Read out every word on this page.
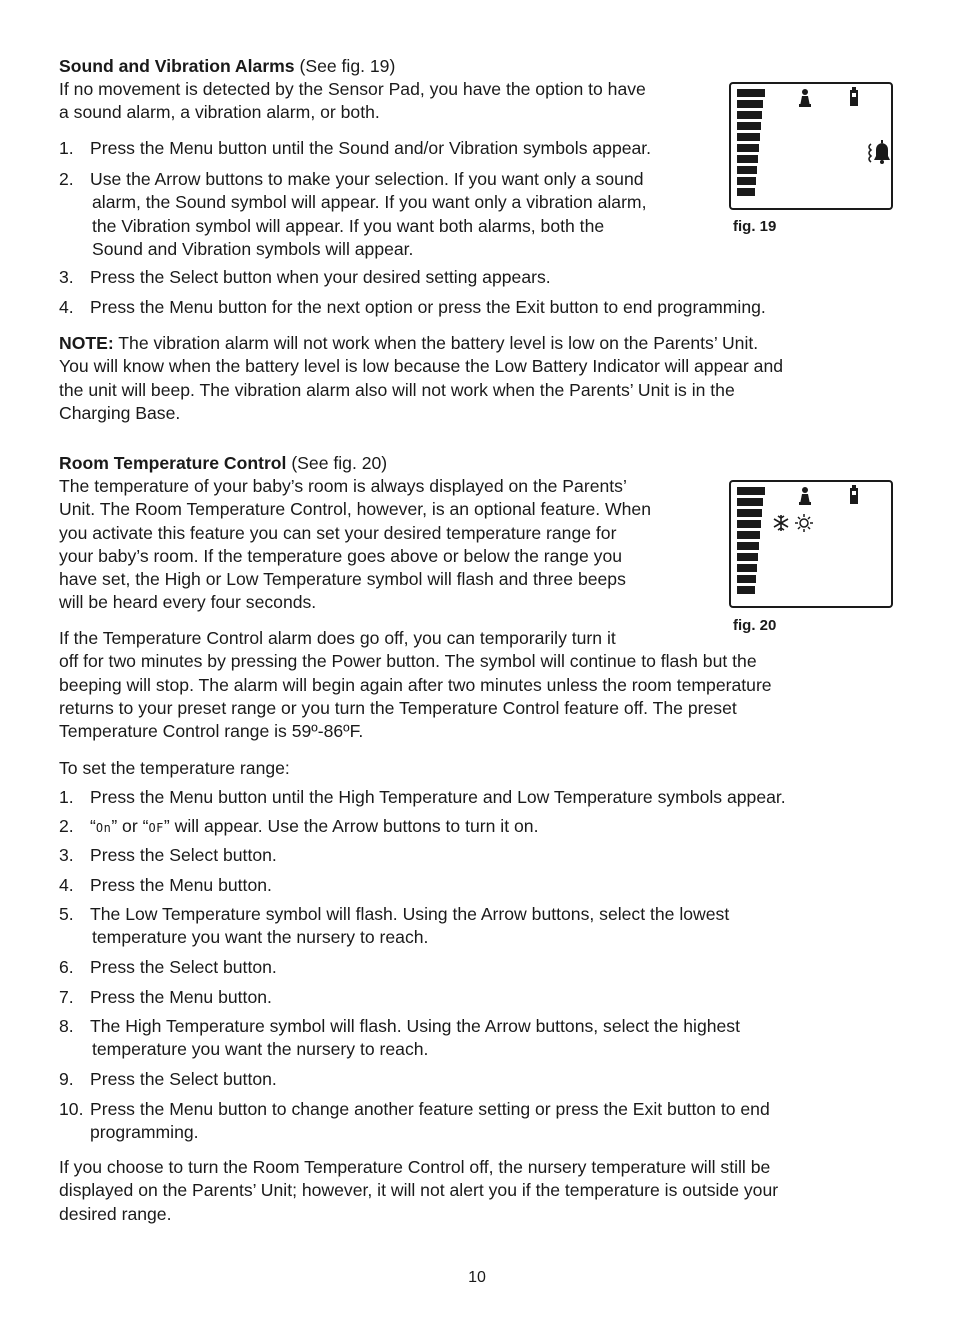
Sound and Vibration Alarms (See fig. 19)
If no movement is detected by the Sensor Pad, you have the option to have
a sound alarm, a vibration alarm, or both.
1. Press the Menu button until the Sound and/or Vibration symbols appear.
2. Use the Arrow buttons to make your selection. If you want only a sound
alarm, the Sound symbol will appear. If you want only a vibration alarm,
the Vibration symbol will appear. If you want both alarms, both the
Sound and Vibration symbols will appear.
3. Press the Select button when your desired setting appears.
4. Press the Menu button for the next option or press the Exit button to end programming.
NOTE: The vibration alarm will not work when the battery level is low on the Parents’ Unit.
You will know when the battery level is low because the Low Battery Indicator will appear and
the unit will beep. The vibration alarm also will not work when the Parents’ Unit is in the
Charging Base.
fig. 19
Room Temperature Control (See fig. 20)
The temperature of your baby’s room is always displayed on the Parents’
Unit. The Room Temperature Control, however, is an optional feature. When
you activate this feature you can set your desired temperature range for
your baby’s room. If the temperature goes above or below the range you
have set, the High or Low Temperature symbol will flash and three beeps
will be heard every four seconds.
If the Temperature Control alarm does go off, you can temporarily turn it
off for two minutes by pressing the Power button. The symbol will continue to flash but the
beeping will stop. The alarm will begin again after two minutes unless the room temperature
returns to your preset range or you turn the Temperature Control feature off. The preset
Temperature Control range is 59º-86ºF.
To set the temperature range:
1. Press the Menu button until the High Temperature and Low Temperature symbols appear.
2. “On” or “OF” will appear. Use the Arrow buttons to turn it on.
3. Press the Select button.
4. Press the Menu button.
5. The Low Temperature symbol will flash. Using the Arrow buttons, select the lowest
temperature you want the nursery to reach.
6. Press the Select button.
7. Press the Menu button.
8. The High Temperature symbol will flash. Using the Arrow buttons, select the highest
temperature you want the nursery to reach.
9. Press the Select button.
10. Press the Menu button to change another feature setting or press the Exit button to end
programming.
If you choose to turn the Room Temperature Control off, the nursery temperature will still be
displayed on the Parents’ Unit; however, it will not alert you if the temperature is outside your
desired range.
fig. 20
10
